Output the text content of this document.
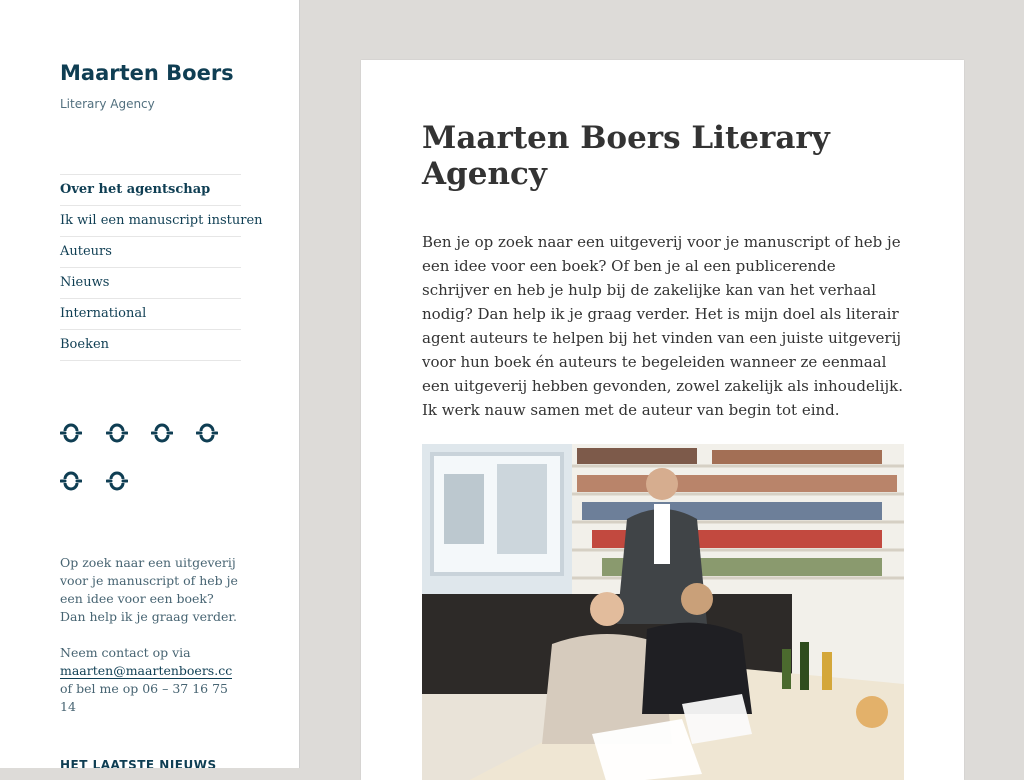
Maarten Boers
Literary Agency
Over het agentschap
Ik wil een manuscript insturen
Auteurs
Nieuws
International
Boeken

Op zoek naar een uitgeverij voor je manuscript of heb je een idee voor een boek? Dan help ik je graag verder.

Neem contact op via maarten@maartenboers.cc of bel me op 06 – 37 16 75 14

HET LAATSTE NIEUWS
Maarten Boers Literary Agency

Ben je op zoek naar een uitgeverij voor je manuscript of heb je een idee voor een boek? Of ben je al een publicerende schrijver en heb je hulp bij de zakelijke kan van het verhaal nodig? Dan help ik je graag verder. Het is mijn doel als literair agent auteurs te helpen bij het vinden van een juiste uitgeverij voor hun boek én auteurs te begeleiden wanneer ze eenmaal een uitgeverij hebben gevonden, zowel zakelijk als inhoudelijk. Ik werk nauw samen met de auteur van begin tot eind.
